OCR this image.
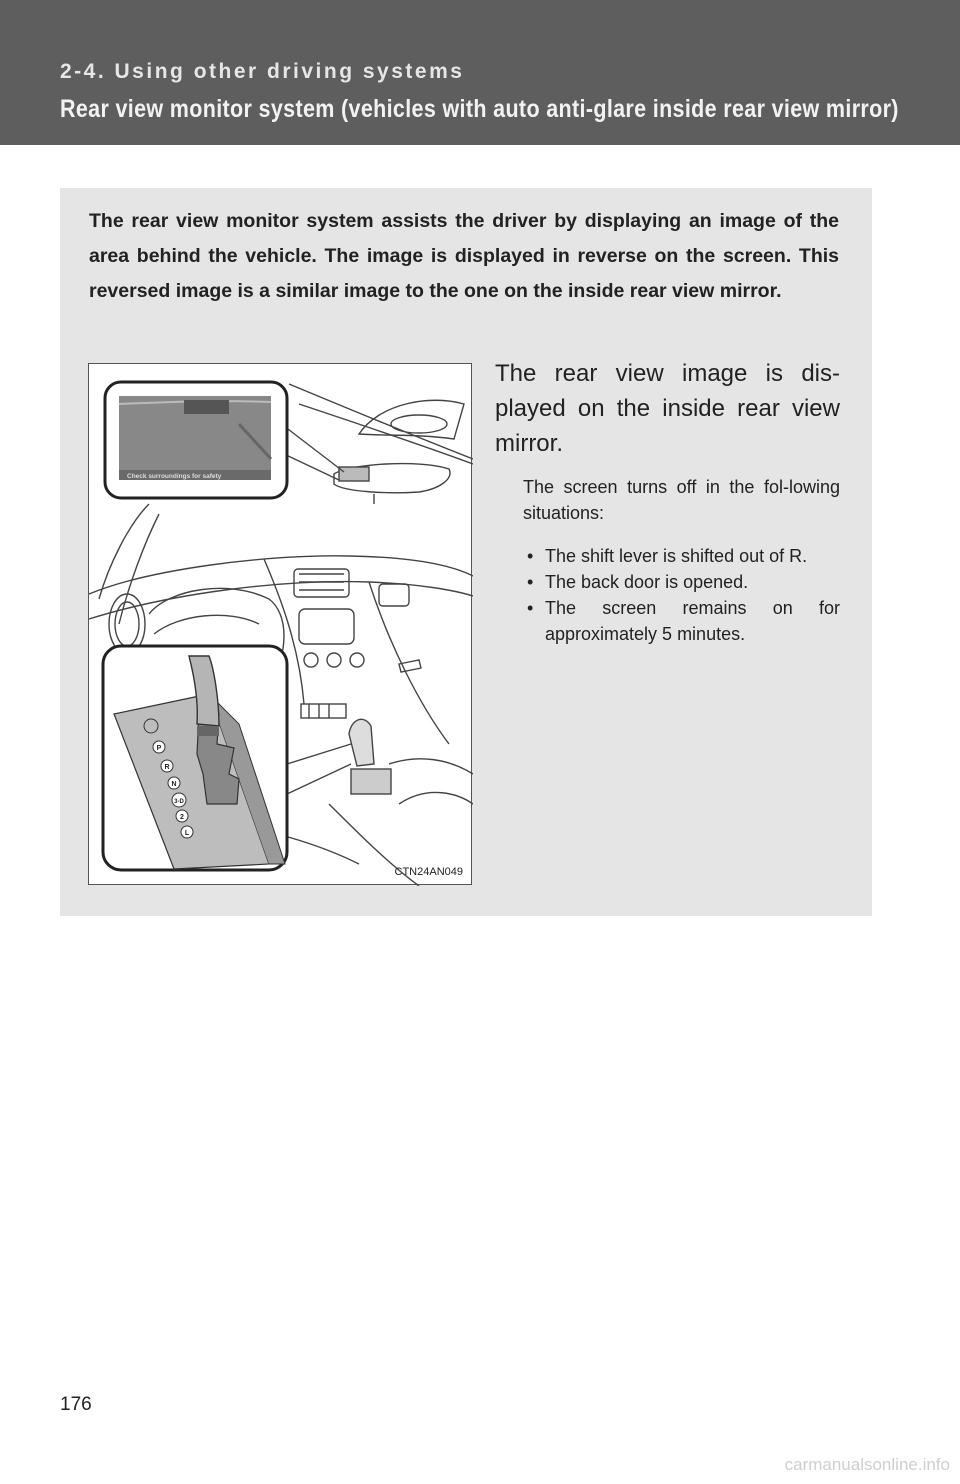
2-4. Using other driving systems
Rear view monitor system (vehicles with auto anti-glare inside rear view mirror)

The rear view monitor system assists the driver by displaying an image of the area behind the vehicle. The image is displayed in reverse on the screen. This reversed image is a similar image to the one on the inside rear view mirror.

Check surroundings for safety
P
R
N
3-D
2
L
CTN24AN049

The rear view image is dis-played on the inside rear view mirror.

The screen turns off in the fol-lowing situations:

• The shift lever is shifted out of R.
• The back door is opened.
• The screen remains on for approximately 5 minutes.
176
carmanualsonline.info
